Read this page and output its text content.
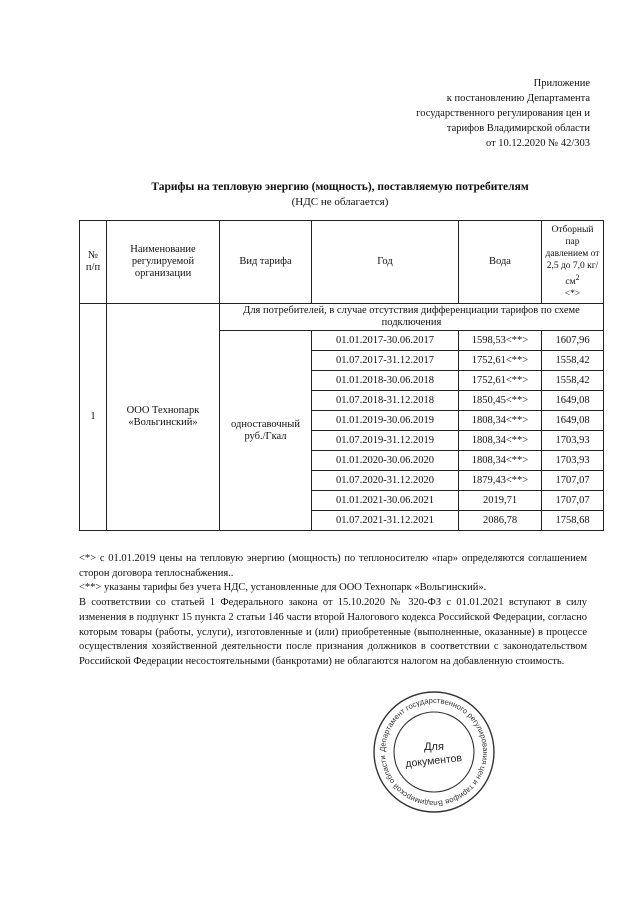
Приложение
к постановлению Департамента
государственного регулирования цен и
тарифов Владимирской области
от 10.12.2020 № 42/303
Тарифы на тепловую энергию (мощность), поставляемую потребителям
(НДС не облагается)
№ п/п	Наименование регулируемой организации	Вид тарифа	Год	Вода	Отборный пар давлением от 2,5 до 7,0 $кг/см^2$
<*>
1	ООО Технопарк «Вольгинский»	Для потребителей, в случае отсутствия дифференциации тарифов по схеме подключения			
		одноставочный руб./Гкал	01.01.2017-30.06.2017	1598,53<**>	1607,96
			01.07.2017-31.12.2017	1752,61<**>	1558,42
			01.01.2018-30.06.2018	1752,61<**>	1558,42
			01.07.2018-31.12.2018	1850,45<**>	1649,08
			01.01.2019-30.06.2019	1808,34<**>	1649,08
			01.07.2019-31.12.2019	1808,34<**>	1703,93
			01.01.2020-30.06.2020	1808,34<**>	1703,93
			01.07.2020-31.12.2020	1879,43<**>	1707,07
			01.01.2021-30.06.2021	2019,71	1707,07
			01.07.2021-31.12.2021	2086,78	1758,68

<*> с 01.01.2019 цены на тепловую энергию (мощность) по теплоносителю «пар» определяются соглашением сторон договора теплоснабжения..

<**> указаны тарифы без учета НДС, установленные для ООО Технопарк «Вольгинский».

В соответствии со статьей 1 Федерального закона от 15.10.2020 № 320-ФЗ с 01.01.2021 вступают в силу изменения в подпункт 15 пункта 2 статьи 146 части второй Налогового кодекса Российской Федерации, согласно которым товары (работы, услуги), изготовленные и (или) приобретенные (выполненные, оказанные) в процессе осуществления хозяйственной деятельности после признания должников в соответствии с законодательством Российской Федерации несостоятельными (банкротами) не облагаются налогом на добавленную стоимость.

Департамент государственного регулирования цен и тарифов Владимирской области
Для
документов
